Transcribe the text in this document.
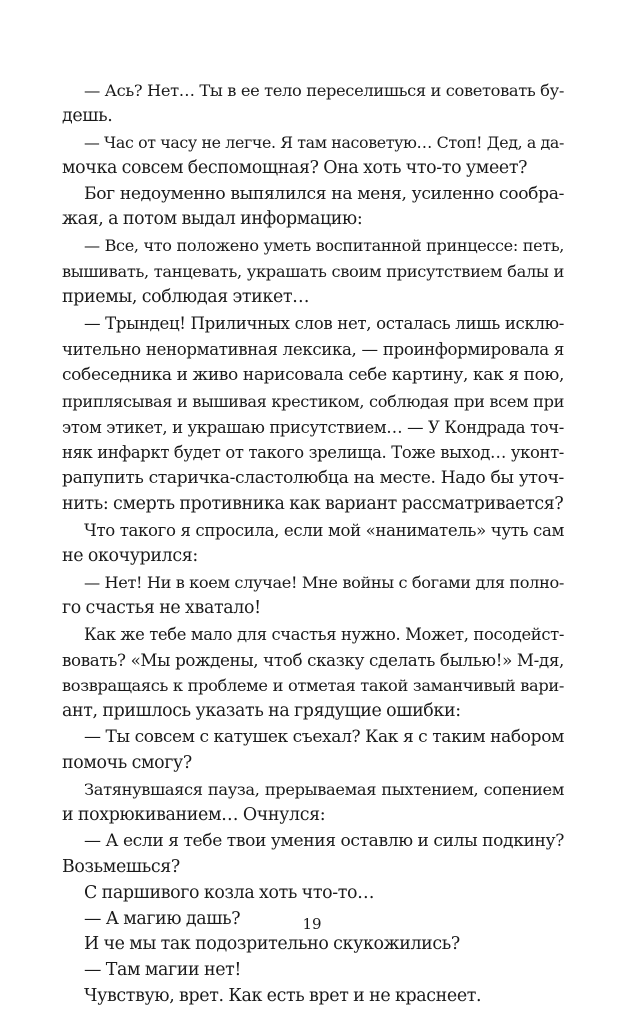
— Ась? Нет… Ты в ее тело переселишься и советовать бу-
дешь.
— Час от часу не легче. Я там насоветую… Стоп! Дед, а да-
мочка совсем беспомощная? Она хоть что-то умеет?
Бог недоуменно выпялился на меня, усиленно сообра-
жая, а потом выдал информацию:
— Все, что положено уметь воспитанной принцессе: петь,
вышивать, танцевать, украшать своим присутствием балы и
приемы, соблюдая этикет…
— Трындец! Приличных слов нет, осталась лишь исклю-
чительно ненормативная лексика, — проинформировала я
собеседника и живо нарисовала себе картину, как я пою,
приплясывая и вышивая крестиком, соблюдая при всем при
этом этикет, и украшаю присутствием… — У Кондрада точ-
няк инфаркт будет от такого зрелища. Тоже выход… уконт-
рапупить старичка-сластолюбца на месте. Надо бы уточ-
нить: смерть противника как вариант рассматривается?
Что такого я спросила, если мой «наниматель» чуть сам
не окочурился:
— Нет! Ни в коем случае! Мне войны с богами для полно-
го счастья не хватало!
Как же тебе мало для счастья нужно. Может, посодейст-
вовать? «Мы рождены, чтоб сказку сделать былью!» М-дя,
возвращаясь к проблеме и отметая такой заманчивый вари-
ант, пришлось указать на грядущие ошибки:
— Ты совсем с катушек съехал? Как я с таким набором
помочь смогу?
Затянувшаяся пауза, прерываемая пыхтением, сопением
и похрюкиванием… Очнулся:
— А если я тебе твои умения оставлю и силы подкину?
Возьмешься?
С паршивого козла хоть что-то…
— А магию дашь?
И че мы так подозрительно скукожились?
— Там магии нет!
Чувствую, врет. Как есть врет и не краснеет.
19
